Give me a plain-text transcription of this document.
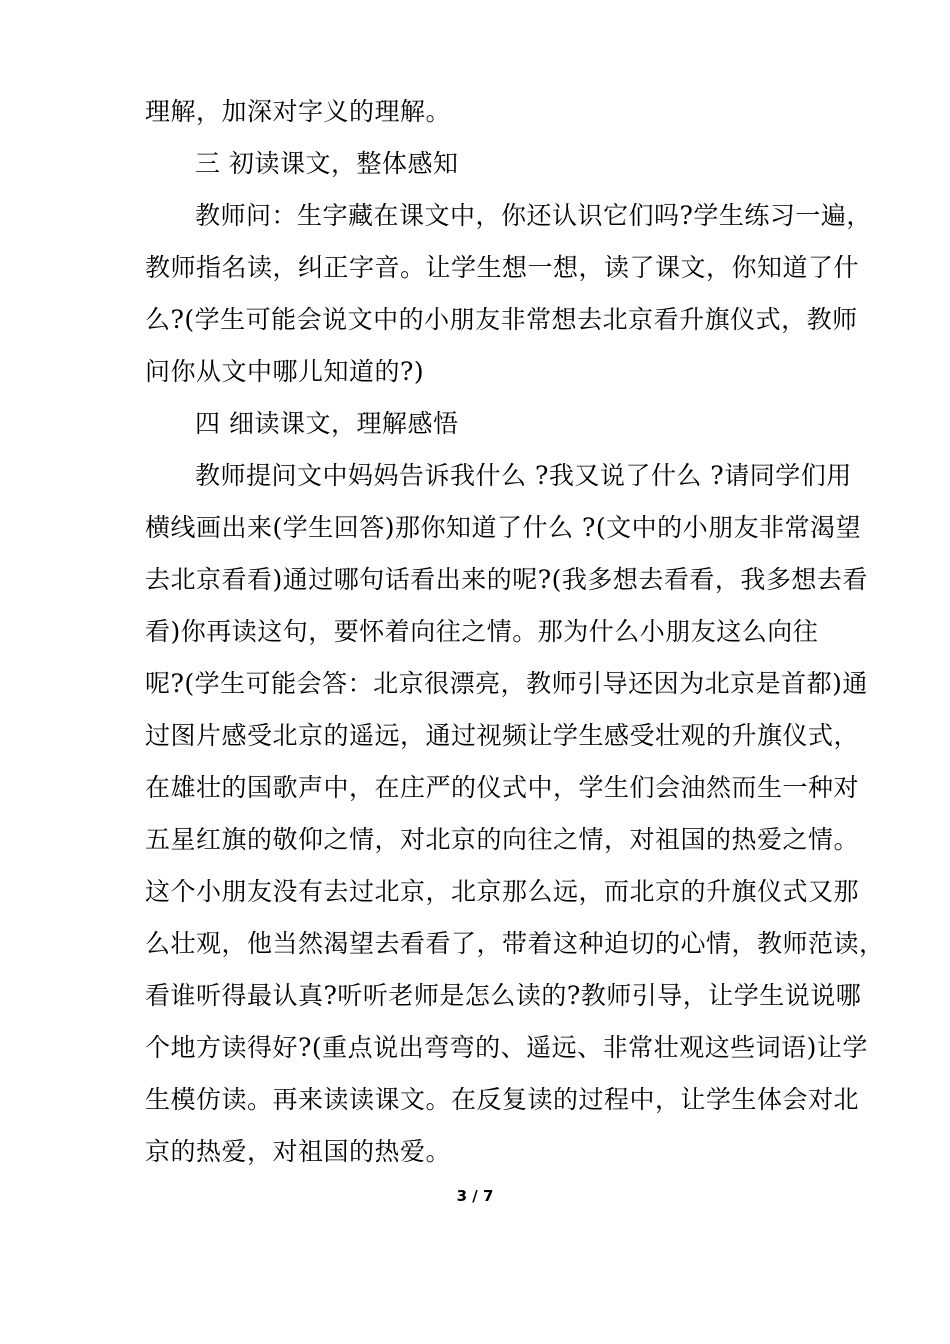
理解，加深对字义的理解。
三 初读课文，整体感知
教师问：生字藏在课文中，你还认识它们吗?学生练习一遍，
教师指名读，纠正字音。让学生想一想，读了课文，你知道了什
么?(学生可能会说文中的小朋友非常想去北京看升旗仪式，教师
问你从文中哪儿知道的?)
四 细读课文，理解感悟
教师提问文中妈妈告诉我什么 ?我又说了什么 ?请同学们用
横线画出来(学生回答)那你知道了什么 ?(文中的小朋友非常渴望
去北京看看)通过哪句话看出来的呢?(我多想去看看，我多想去看
看)你再读这句，要怀着向往之情。那为什么小朋友这么向往
呢?(学生可能会答：北京很漂亮，教师引导还因为北京是首都)通
过图片感受北京的遥远，通过视频让学生感受壮观的升旗仪式，
在雄壮的国歌声中，在庄严的仪式中，学生们会油然而生一种对
五星红旗的敬仰之情，对北京的向往之情，对祖国的热爱之情。
这个小朋友没有去过北京，北京那么远，而北京的升旗仪式又那
么壮观，他当然渴望去看看了，带着这种迫切的心情，教师范读，
看谁听得最认真?听听老师是怎么读的?教师引导，让学生说说哪
个地方读得好?(重点说出弯弯的、遥远、非常壮观这些词语)让学
生模仿读。再来读读课文。在反复读的过程中，让学生体会对北
京的热爱，对祖国的热爱。
3 / 7
